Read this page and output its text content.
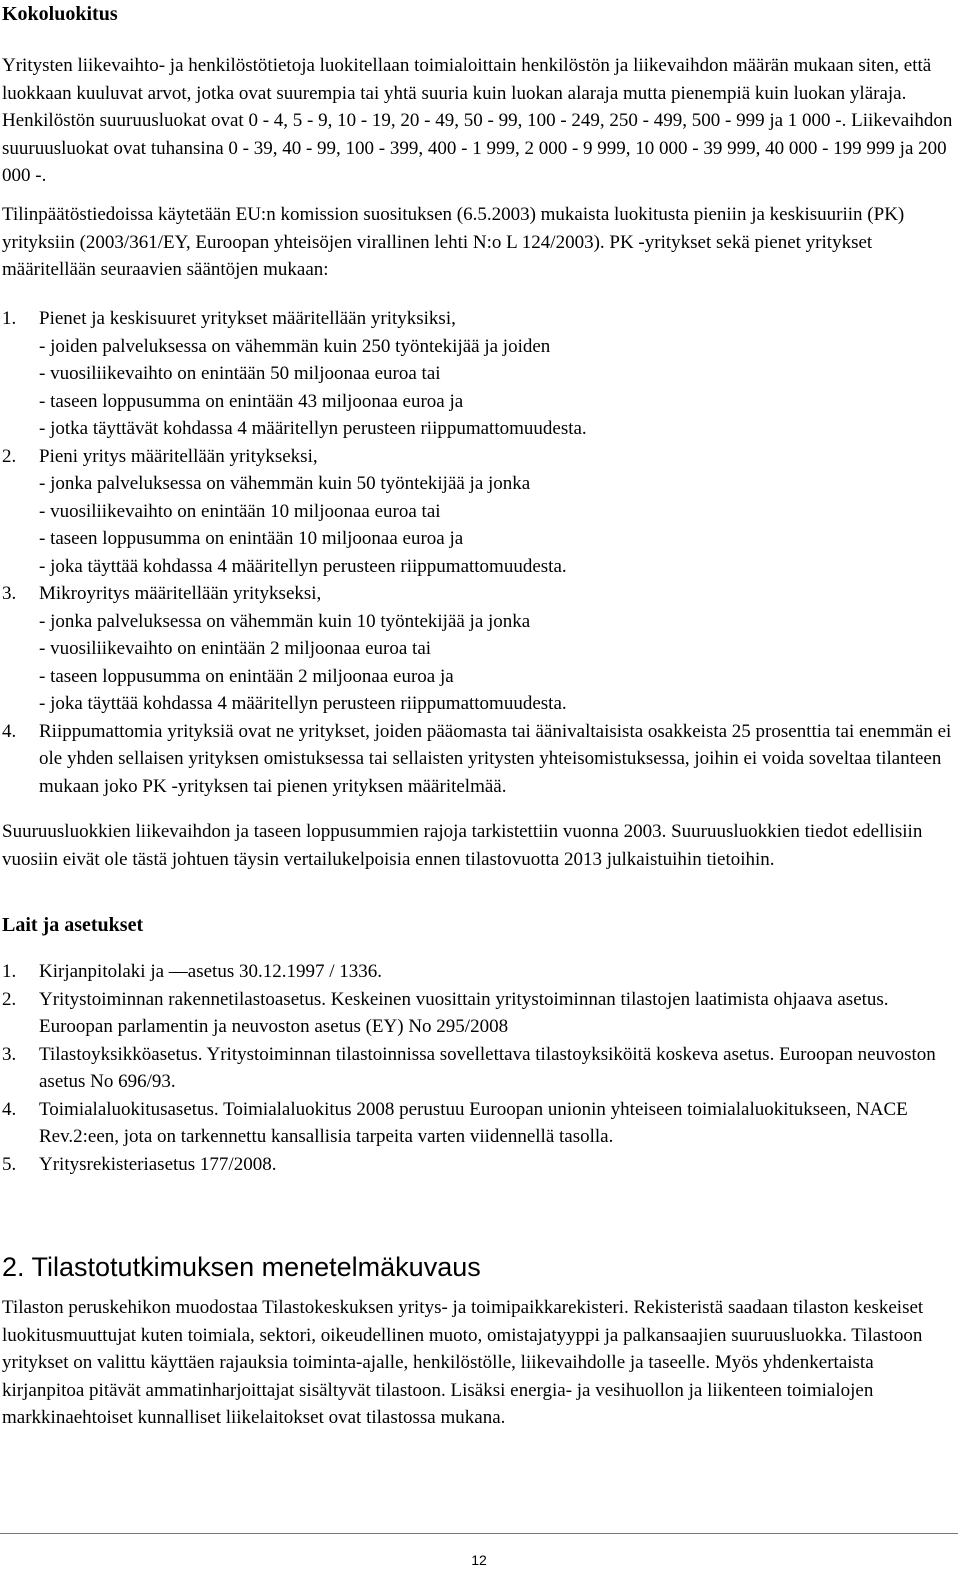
Kokoluokitus

Yritysten liikevaihto- ja henkilöstötietoja luokitellaan toimialoittain henkilöstön ja liikevaihdon määrän mukaan siten, että luokkaan kuuluvat arvot, jotka ovat suurempia tai yhtä suuria kuin luokan alaraja mutta pienempiä kuin luokan yläraja. Henkilöstön suuruusluokat ovat 0 - 4, 5 - 9, 10 - 19, 20 - 49, 50 - 99, 100 - 249, 250 - 499, 500 - 999 ja 1 000 -. Liikevaihdon suuruusluokat ovat tuhansina 0 - 39, 40 - 99, 100 - 399, 400 - 1 999, 2 000 - 9 999, 10 000 - 39 999, 40 000 - 199 999 ja 200 000 -.

Tilinpäätöstiedoissa käytetään EU:n komission suosituksen (6.5.2003) mukaista luokitusta pieniin ja keskisuuriin (PK) yrityksiin (2003/361/EY, Euroopan yhteisöjen virallinen lehti N:o L 124/2003). PK -yritykset sekä pienet yritykset määritellään seuraavien sääntöjen mukaan:

1.	Pienet ja keskisuuret yritykset määritellään yrityksiksi,
- joiden palveluksessa on vähemmän kuin 250 työntekijää ja joiden
- vuosiliikevaihto on enintään 50 miljoonaa euroa tai
- taseen loppusumma on enintään 43 miljoonaa euroa ja
- jotka täyttävät kohdassa 4 määritellyn perusteen riippumattomuudesta.
2.	Pieni yritys määritellään yritykseksi,
- jonka palveluksessa on vähemmän kuin 50 työntekijää ja jonka
- vuosiliikevaihto on enintään 10 miljoonaa euroa tai
- taseen loppusumma on enintään 10 miljoonaa euroa ja
- joka täyttää kohdassa 4 määritellyn perusteen riippumattomuudesta.
3.	Mikroyritys määritellään yritykseksi,
- jonka palveluksessa on vähemmän kuin 10 työntekijää ja jonka
- vuosiliikevaihto on enintään 2 miljoonaa euroa tai
- taseen loppusumma on enintään 2 miljoonaa euroa ja
- joka täyttää kohdassa 4 määritellyn perusteen riippumattomuudesta.
4.	Riippumattomia yrityksiä ovat ne yritykset, joiden pääomasta tai äänivaltaisista osakkeista 25 prosenttia tai enemmän ei ole yhden sellaisen yrityksen omistuksessa tai sellaisten yritysten yhteisomistuksessa, joihin ei voida soveltaa tilanteen mukaan joko PK -yrityksen tai pienen yrityksen määritelmää.

Suuruusluokkien liikevaihdon ja taseen loppusummien rajoja tarkistettiin vuonna 2003. Suuruusluokkien tiedot edellisiin vuosiin eivät ole tästä johtuen täysin vertailukelpoisia ennen tilastovuotta 2013 julkaistuihin tietoihin.

Lait ja asetukset
1.	Kirjanpitolaki ja —asetus 30.12.1997 / 1336.
2.	Yritystoiminnan rakennetilastoasetus. Keskeinen vuosittain yritystoiminnan tilastojen laatimista ohjaava asetus. Euroopan parlamentin ja neuvoston asetus (EY) No 295/2008
3.	Tilastoyksikköasetus. Yritystoiminnan tilastoinnissa sovellettava tilastoyksiköitä koskeva asetus. Euroopan neuvoston asetus No 696/93.
4.	Toimialaluokitusasetus. Toimialaluokitus 2008 perustuu Euroopan unionin yhteiseen toimialaluokitukseen, NACE Rev.2:een, jota on tarkennettu kansallisia tarpeita varten viidennellä tasolla.
5.	Yritysrekisteriasetus 177/2008.
2. Tilastotutkimuksen menetelmäkuvaus

Tilaston peruskehikon muodostaa Tilastokeskuksen yritys- ja toimipaikkarekisteri. Rekisteristä saadaan tilaston keskeiset luokitusmuuttujat kuten toimiala, sektori, oikeudellinen muoto, omistajatyyppi ja palkansaajien suuruusluokka. Tilastoon yritykset on valittu käyttäen rajauksia toiminta-ajalle, henkilöstölle, liikevaihdolle ja taseelle. Myös yhdenkertaista kirjanpitoa pitävät ammatinharjoittajat sisältyvät tilastoon. Lisäksi energia- ja vesihuollon ja liikenteen toimialojen markkinaehtoiset kunnalliset liikelaitokset ovat tilastossa mukana.

12
